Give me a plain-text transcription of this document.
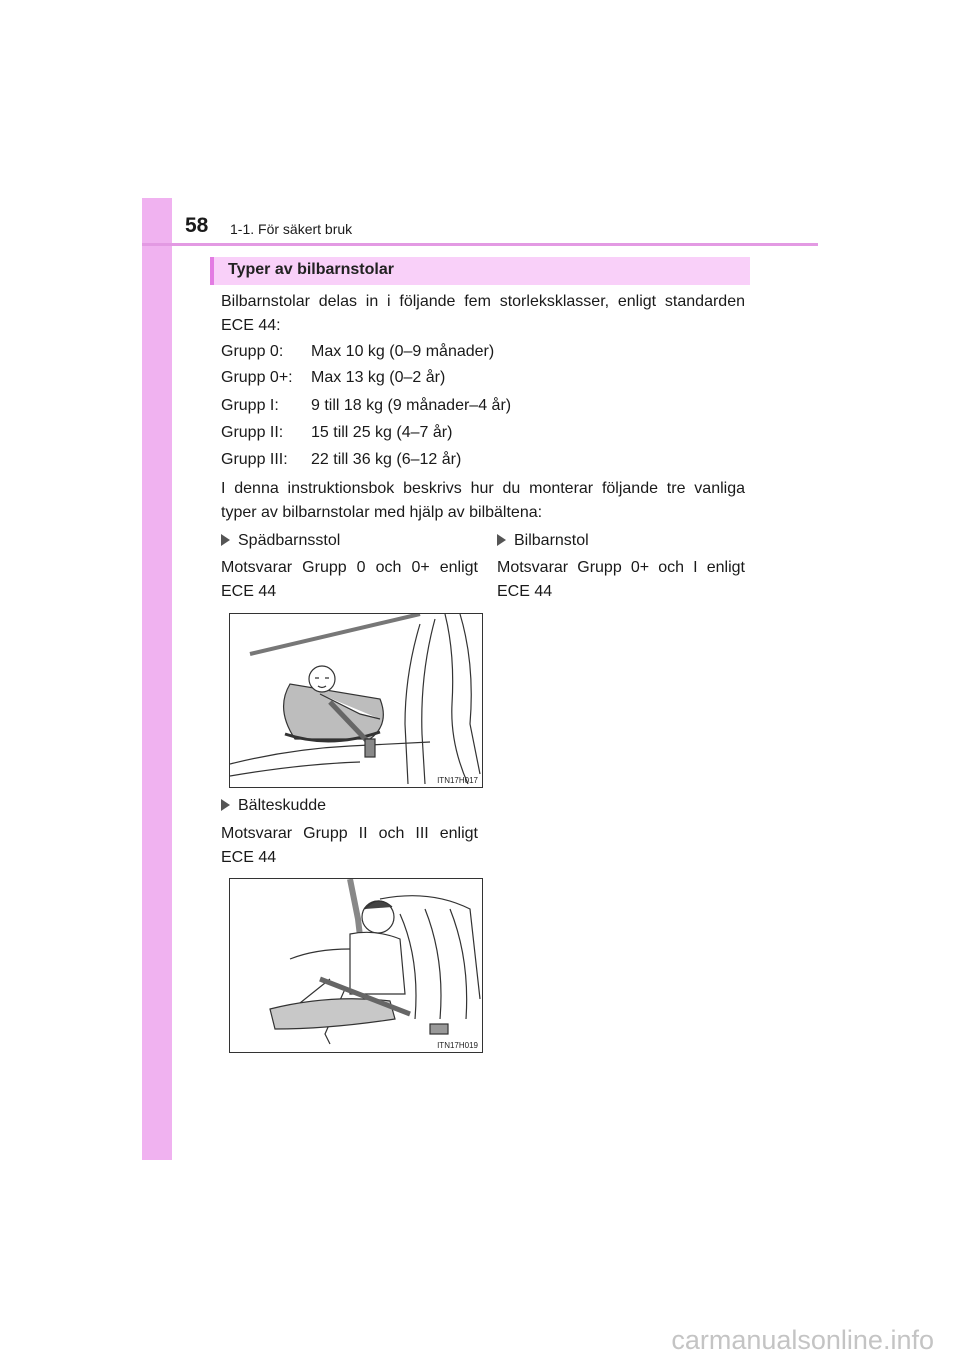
58 1-1. För säkert bruk
Typer av bilbarnstolar

Bilbarnstolar delas in i följande fem storleksklasser, enligt standarden ECE 44:

Grupp 0:	Max 10 kg (0–9 månader)
Grupp 0+:	Max 13 kg (0–2 år)
Grupp I:	9 till 18 kg (9 månader–4 år)
Grupp II:	15 till 25 kg (4–7 år)
Grupp III:	22 till 36 kg (6–12 år)

I denna instruktionsbok beskrivs hur du monterar följande tre vanliga typer av bilbarnstolar med hjälp av bilbältena:

Spädbarnsstol
Motsvarar Grupp 0 och 0+ enligt ECE 44
Bilbarnstol
Motsvarar Grupp 0+ och I enligt ECE 44
ITN17H017
Bälteskudde
Motsvarar Grupp II och III enligt ECE 44
ITN17H019
carmanualsonline.info
